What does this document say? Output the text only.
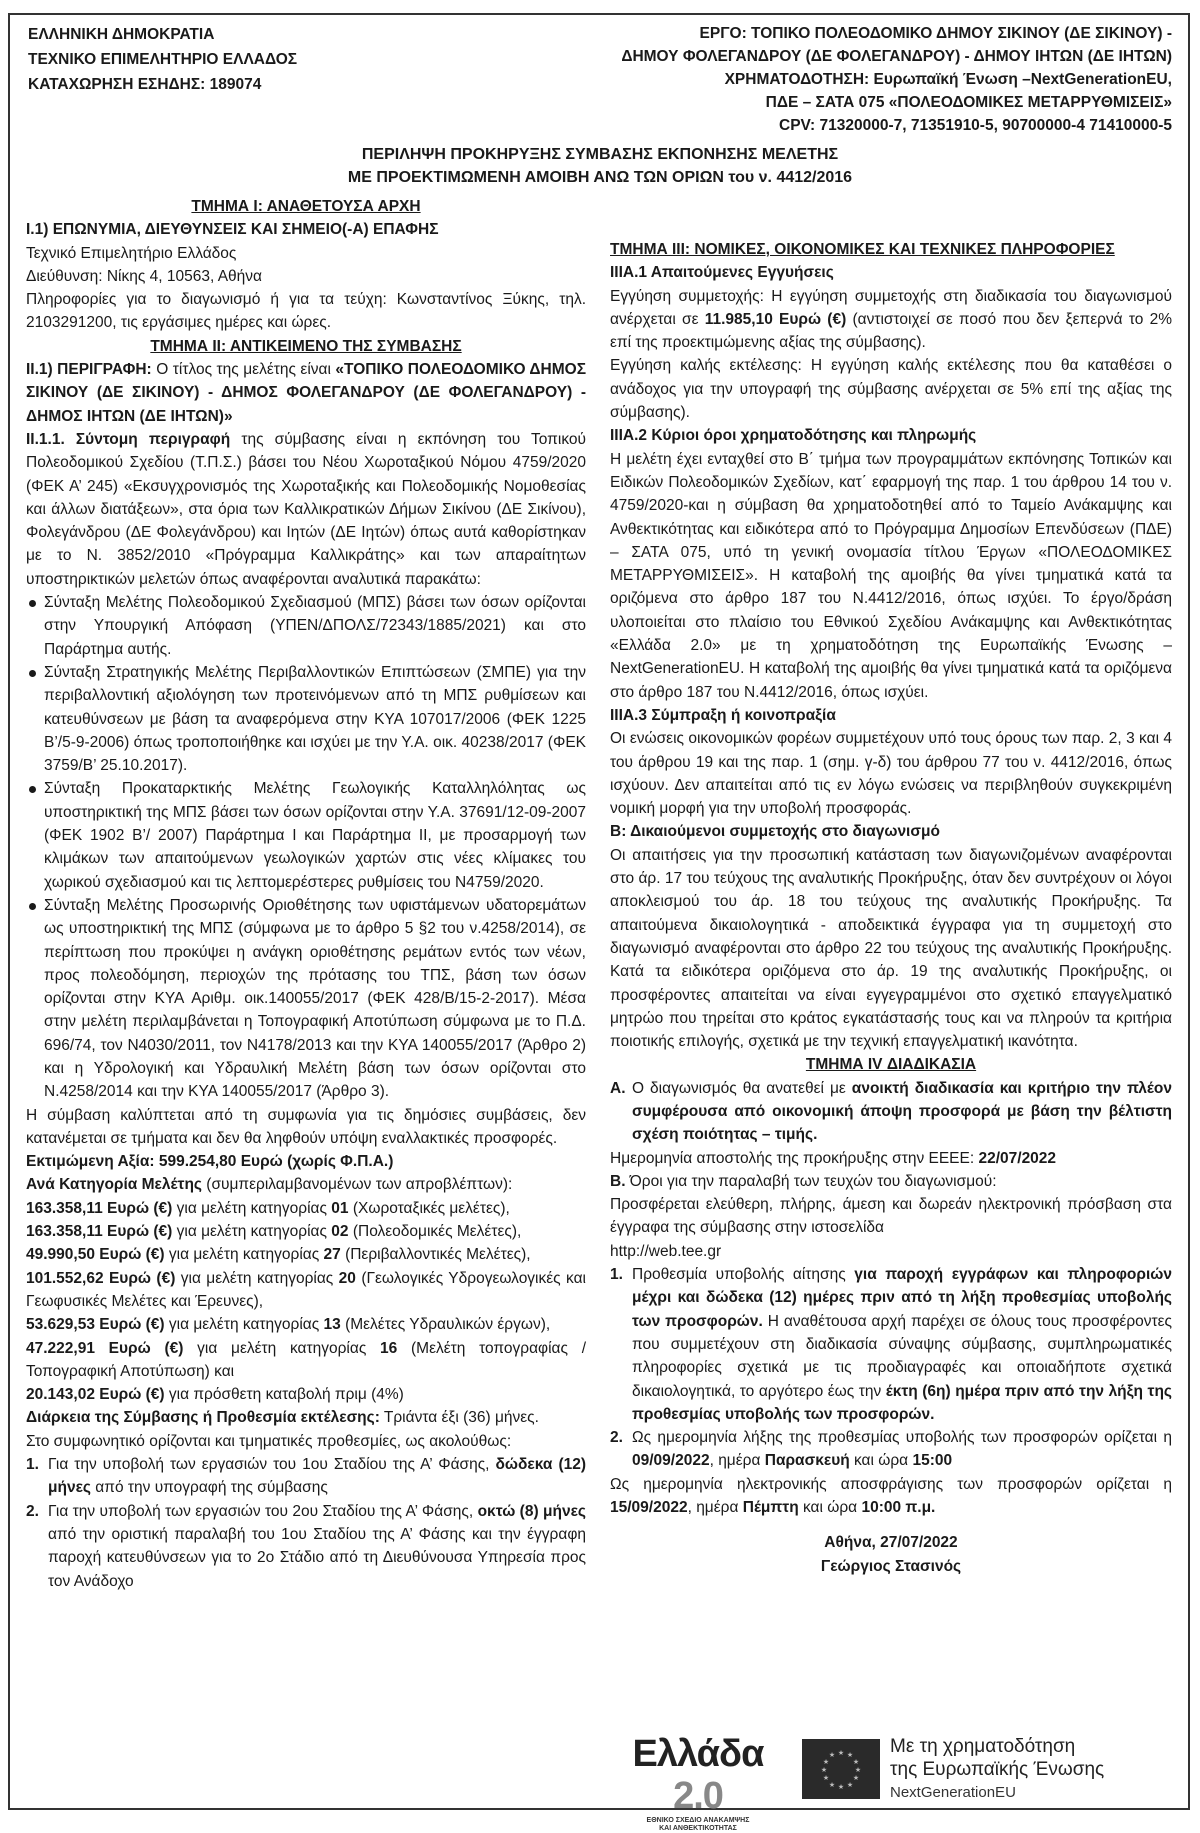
ΕΛΛΗΝΙΚΗ ΔΗΜΟΚΡΑΤΙΑ
ΤΕΧΝΙΚΟ ΕΠΙΜΕΛΗΤΗΡΙΟ ΕΛΛΑΔΟΣ
ΚΑΤΑΧΩΡΗΣΗ ΕΣΗΔΗΣ: 189074
ΕΡΓΟ: ΤΟΠΙΚΟ ΠΟΛΕΟΔΟΜΙΚΟ ΔΗΜΟΥ ΣΙΚΙΝΟΥ (ΔΕ ΣΙΚΙΝΟΥ) -
ΔΗΜΟΥ ΦΟΛΕΓΑΝΔΡΟΥ (ΔΕ ΦΟΛΕΓΑΝΔΡΟΥ) - ΔΗΜΟΥ ΙΗΤΩΝ (ΔΕ ΙΗΤΩΝ)
ΧΡΗΜΑΤΟΔΟΤΗΣΗ: Ευρωπαϊκή Ένωση –NextGenerationEU,
ΠΔΕ – ΣΑΤΑ 075 «ΠΟΛΕΟΔΟΜΙΚΕΣ ΜΕΤΑΡΡΥΘΜΙΣΕΙΣ»
CPV: 71320000-7, 71351910-5, 90700000-4 71410000-5
ΠΕΡΙΛΗΨΗ ΠΡΟΚΗΡΥΞΗΣ ΣΥΜΒΑΣΗΣ ΕΚΠΟΝΗΣΗΣ ΜΕΛΕΤΗΣ
ΜΕ ΠΡΟΕΚΤΙΜΩΜΕΝΗ ΑΜΟΙΒΗ ΑΝΩ ΤΩΝ ΟΡΙΩΝ του ν. 4412/2016

ΤΜΗΜΑ Ι: ΑΝΑΘΕΤΟΥΣΑ ΑΡΧΗ

Ι.1) ΕΠΩΝΥΜΙΑ, ΔΙΕΥΘΥΝΣΕΙΣ ΚΑΙ ΣΗΜΕΙΟ(-Α) ΕΠΑΦΗΣ

Τεχνικό Επιμελητήριο Ελλάδος

Διεύθυνση: Νίκης 4, 10563, Αθήνα

Πληροφορίες για το διαγωνισμό ή για τα τεύχη: Κωνσταντίνος Ξύκης, τηλ. 2103291200, τις εργάσιμες ημέρες και ώρες.

ΤΜΗΜΑ ΙΙ: ΑΝΤΙΚΕΙΜΕΝΟ ΤΗΣ ΣΥΜΒΑΣΗΣ

ΙΙ.1) ΠΕΡΙΓΡΑΦΗ: Ο τίτλος της μελέτης είναι «ΤΟΠΙΚΟ ΠΟΛΕΟΔΟΜΙΚΟ ΔΗΜΟΣ ΣΙΚΙΝΟΥ (ΔΕ ΣΙΚΙΝΟΥ) - ΔΗΜΟΣ ΦΟΛΕΓΑΝΔΡΟΥ (ΔΕ ΦΟΛΕΓΑΝΔΡΟΥ) - ΔΗΜΟΣ ΙΗΤΩΝ (ΔΕ ΙΗΤΩΝ)»

ΙΙ.1.1. Σύντομη περιγραφή της σύμβασης είναι η εκπόνηση του Τοπικού Πολεοδομικού Σχεδίου (Τ.Π.Σ.) βάσει του Νέου Χωροταξικού Νόμου 4759/2020 (ΦΕΚ Α’ 245) «Εκσυγχρονισμός της Χωροταξικής και Πολεοδομικής Νομοθεσίας και άλλων διατάξεων», στα όρια των Καλλικρατικών Δήμων Σικίνου (ΔΕ Σικίνου), Φολεγάνδρου (ΔΕ Φολεγάνδρου) και Ιητών (ΔΕ Ιητών) όπως αυτά καθορίστηκαν με το Ν. 3852/2010 «Πρόγραμμα Καλλικράτης» και των απαραίτητων υποστηρικτικών μελετών όπως αναφέρονται αναλυτικά παρακάτω:

Σύνταξη Μελέτης Πολεοδομικού Σχεδιασμού (ΜΠΣ) βάσει των όσων ορίζονται στην Υπουργική Απόφαση (ΥΠΕΝ/ΔΠΟΛΣ/72343/1885/2021) και στο Παράρτημα αυτής.

Σύνταξη Στρατηγικής Μελέτης Περιβαλλοντικών Επιπτώσεων (ΣΜΠΕ) για την περιβαλλοντική αξιολόγηση των προτεινόμενων από τη ΜΠΣ ρυθμίσεων και κατευθύνσεων με βάση τα αναφερόμενα στην ΚΥΑ 107017/2006 (ΦΕΚ 1225 Β’/5-9-2006) όπως τροποποιήθηκε και ισχύει με την Υ.Α. οικ. 40238/2017 (ΦΕΚ 3759/Β’ 25.10.2017).

Σύνταξη Προκαταρκτικής Μελέτης Γεωλογικής Καταλληλόλητας ως υποστηρικτική της ΜΠΣ βάσει των όσων ορίζονται στην Υ.Α. 37691/12-09-2007 (ΦΕΚ 1902 Β’/ 2007) Παράρτημα Ι και Παράρτημα ΙΙ, με προσαρμογή των κλιμάκων των απαιτούμενων γεωλογικών χαρτών στις νέες κλίμακες του χωρικού σχεδιασμού και τις λεπτομερέστερες ρυθμίσεις του Ν4759/2020.

Σύνταξη Μελέτης Προσωρινής Οριοθέτησης των υφιστάμενων υδατορεμάτων ως υποστηρικτική της ΜΠΣ (σύμφωνα με το άρθρο 5 §2 του ν.4258/2014), σε περίπτωση που προκύψει η ανάγκη οριοθέτησης ρεμάτων εντός των νέων, προς πολεοδόμηση, περιοχών της πρότασης του ΤΠΣ, βάση των όσων ορίζονται στην ΚΥΑ Αριθμ. οικ.140055/2017 (ΦΕΚ 428/Β/15-2-2017). Μέσα στην μελέτη περιλαμβάνεται η Τοπογραφική Αποτύπωση σύμφωνα με το Π.Δ. 696/74, τον Ν4030/2011, τον Ν4178/2013 και την ΚΥΑ 140055/2017 (Άρθρο 2) και η Υδρολογική και Υδραυλική Μελέτη βάση των όσων ορίζονται στο Ν.4258/2014 και την ΚΥΑ 140055/2017 (Άρθρο 3).

Η σύμβαση καλύπτεται από τη συμφωνία για τις δημόσιες συμβάσεις, δεν κατανέμεται σε τμήματα και δεν θα ληφθούν υπόψη εναλλακτικές προσφορές.

Εκτιμώμενη Αξία: 599.254,80 Ευρώ (χωρίς Φ.Π.Α.)

Ανά Κατηγορία Μελέτης (συμπεριλαμβανομένων των απροβλέπτων):

163.358,11 Ευρώ (€) για μελέτη κατηγορίας 01 (Χωροταξικές μελέτες),

163.358,11 Ευρώ (€) για μελέτη κατηγορίας 02 (Πολεοδομικές Μελέτες),

49.990,50 Ευρώ (€) για μελέτη κατηγορίας 27 (Περιβαλλοντικές Μελέτες),

101.552,62 Ευρώ (€) για μελέτη κατηγορίας 20 (Γεωλογικές Υδρογεωλογικές και Γεωφυσικές Μελέτες και Έρευνες),

53.629,53 Ευρώ (€) για μελέτη κατηγορίας 13 (Μελέτες Υδραυλικών έργων),

47.222,91 Ευρώ (€) για μελέτη κατηγορίας 16 (Μελέτη τοπογραφίας / Τοπογραφική Αποτύπωση) και

20.143,02 Ευρώ (€) για πρόσθετη καταβολή πριμ (4%)

Διάρκεια της Σύμβασης ή Προθεσμία εκτέλεσης: Τριάντα έξι (36) μήνες.

Στο συμφωνητικό ορίζονται και τμηματικές προθεσμίες, ως ακολούθως:

1. Για την υποβολή των εργασιών του 1ου Σταδίου της Α’ Φάσης, δώδεκα (12) μήνες από την υπογραφή της σύμβασης

2. Για την υποβολή των εργασιών του 2ου Σταδίου της Α’ Φάσης, οκτώ (8) μήνες από την οριστική παραλαβή του 1ου Σταδίου της Α’ Φάσης και την έγγραφη παροχή κατευθύνσεων για το 2ο Στάδιο από τη Διευθύνουσα Υπηρεσία προς τον Ανάδοχο

ΤΜΗΜΑ ΙΙΙ: ΝΟΜΙΚΕΣ, ΟΙΚΟΝΟΜΙΚΕΣ ΚΑΙ ΤΕΧΝΙΚΕΣ ΠΛΗΡΟΦΟΡΙΕΣ

ΙΙΙΑ.1 Απαιτούμενες Εγγυήσεις

Εγγύηση συμμετοχής: Η εγγύηση συμμετοχής στη διαδικασία του διαγωνισμού ανέρχεται σε 11.985,10 Ευρώ (€) (αντιστοιχεί σε ποσό που δεν ξεπερνά το 2% επί της προεκτιμώμενης αξίας της σύμβασης).

Εγγύηση καλής εκτέλεσης: Η εγγύηση καλής εκτέλεσης που θα καταθέσει ο ανάδοχος για την υπογραφή της σύμβασης ανέρχεται σε 5% επί της αξίας της σύμβασης).

ΙΙΙΑ.2 Κύριοι όροι χρηματοδότησης και πληρωμής

Η μελέτη έχει ενταχθεί στο Β΄ τμήμα των προγραμμάτων εκπόνησης Τοπικών και Ειδικών Πολεοδομικών Σχεδίων, κατ΄ εφαρμογή της παρ. 1 του άρθρου 14 του ν. 4759/2020-και η σύμβαση θα χρηματοδοτηθεί από το Ταμείο Ανάκαμψης και Ανθεκτικότητας και ειδικότερα από το Πρόγραμμα Δημοσίων Επενδύσεων (ΠΔΕ) – ΣΑΤΑ 075, υπό τη γενική ονομασία τίτλου Έργων «ΠΟΛΕΟΔΟΜΙΚΕΣ ΜΕΤΑΡΡΥΘΜΙΣΕΙΣ». Η καταβολή της αμοιβής θα γίνει τμηματικά κατά τα οριζόμενα στο άρθρο 187 του Ν.4412/2016, όπως ισχύει. Το έργο/δράση υλοποιείται στο πλαίσιο του Εθνικού Σχεδίου Ανάκαμψης και Ανθεκτικότητας «Ελλάδα 2.0» με τη χρηματοδότηση της Ευρωπαϊκής Ένωσης –NextGenerationEU. Η καταβολή της αμοιβής θα γίνει τμηματικά κατά τα οριζόμενα στο άρθρο 187 του Ν.4412/2016, όπως ισχύει.

ΙΙΙΑ.3 Σύμπραξη ή κοινοπραξία

Οι ενώσεις οικονομικών φορέων συμμετέχουν υπό τους όρους των παρ. 2, 3 και 4 του άρθρου 19 και της παρ. 1 (σημ. γ-δ) του άρθρου 77 του ν. 4412/2016, όπως ισχύουν. Δεν απαιτείται από τις εν λόγω ενώσεις να περιβληθούν συγκεκριμένη νομική μορφή για την υποβολή προσφοράς.

Β: Δικαιούμενοι συμμετοχής στο διαγωνισμό

Οι απαιτήσεις για την προσωπική κατάσταση των διαγωνιζομένων αναφέρονται στο άρ. 17 του τεύχους της αναλυτικής Προκήρυξης, όταν δεν συντρέχουν οι λόγοι αποκλεισμού του άρ. 18 του τεύχους της αναλυτικής Προκήρυξης. Τα απαιτούμενα δικαιολογητικά - αποδεικτικά έγγραφα για τη συμμετοχή στο διαγωνισμό αναφέρονται στο άρθρο 22 του τεύχους της αναλυτικής Προκήρυξης. Κατά τα ειδικότερα οριζόμενα στο άρ. 19 της αναλυτικής Προκήρυξης, οι προσφέροντες απαιτείται να είναι εγγεγραμμένοι στο σχετικό επαγγελματικό μητρώο που τηρείται στο κράτος εγκατάστασής τους και να πληρούν τα κριτήρια ποιοτικής επιλογής, σχετικά με την τεχνική επαγγελματική ικανότητα.

ΤΜΗΜΑ IV ΔΙΑΔΙΚΑΣΙΑ

Α. Ο διαγωνισμός θα ανατεθεί με ανοικτή διαδικασία και κριτήριο την πλέον συμφέρουσα από οικονομική άποψη προσφορά με βάση την βέλτιστη σχέση ποιότητας – τιμής.

Ημερομηνία αποστολής της προκήρυξης στην ΕΕΕΕ: 22/07/2022

Β. Όροι για την παραλαβή των τευχών του διαγωνισμού:

Προσφέρεται ελεύθερη, πλήρης, άμεση και δωρεάν ηλεκτρονική πρόσβαση στα έγγραφα της σύμβασης στην ιστοσελίδα

http://web.tee.gr

1. Προθεσμία υποβολής αίτησης για παροχή εγγράφων και πληροφοριών μέχρι και δώδεκα (12) ημέρες πριν από τη λήξη προθεσμίας υποβολής των προσφορών. Η αναθέτουσα αρχή παρέχει σε όλους τους προσφέροντες που συμμετέχουν στη διαδικασία σύναψης σύμβασης, συμπληρωματικές πληροφορίες σχετικά με τις προδιαγραφές και οποιαδήποτε σχετικά δικαιολογητικά, το αργότερο έως την έκτη (6η) ημέρα πριν από την λήξη της προθεσμίας υποβολής των προσφορών.

2. Ως ημερομηνία λήξης της προθεσμίας υποβολής των προσφορών ορίζεται η 09/09/2022, ημέρα Παρασκευή και ώρα 15:00

Ως ημερομηνία ηλεκτρονικής αποσφράγισης των προσφορών ορίζεται η 15/09/2022, ημέρα Πέμπτη και ώρα 10:00 π.μ.

Αθήνα, 27/07/2022
Γεώργιος Στασινός
Ελλάδα 2.0
ΕΘΝΙΚΟ ΣΧΕΔΙΟ ΑΝΑΚΑΜΨΗΣ
ΚΑΙ ΑΝΘΕΚΤΙΚΟΤΗΤΑΣ
★ ★
★
★
★
★
★
★
★
★
★
★	Με τη χρηματοδότηση
της Ευρωπαϊκής Ένωσης
NextGenerationEU
